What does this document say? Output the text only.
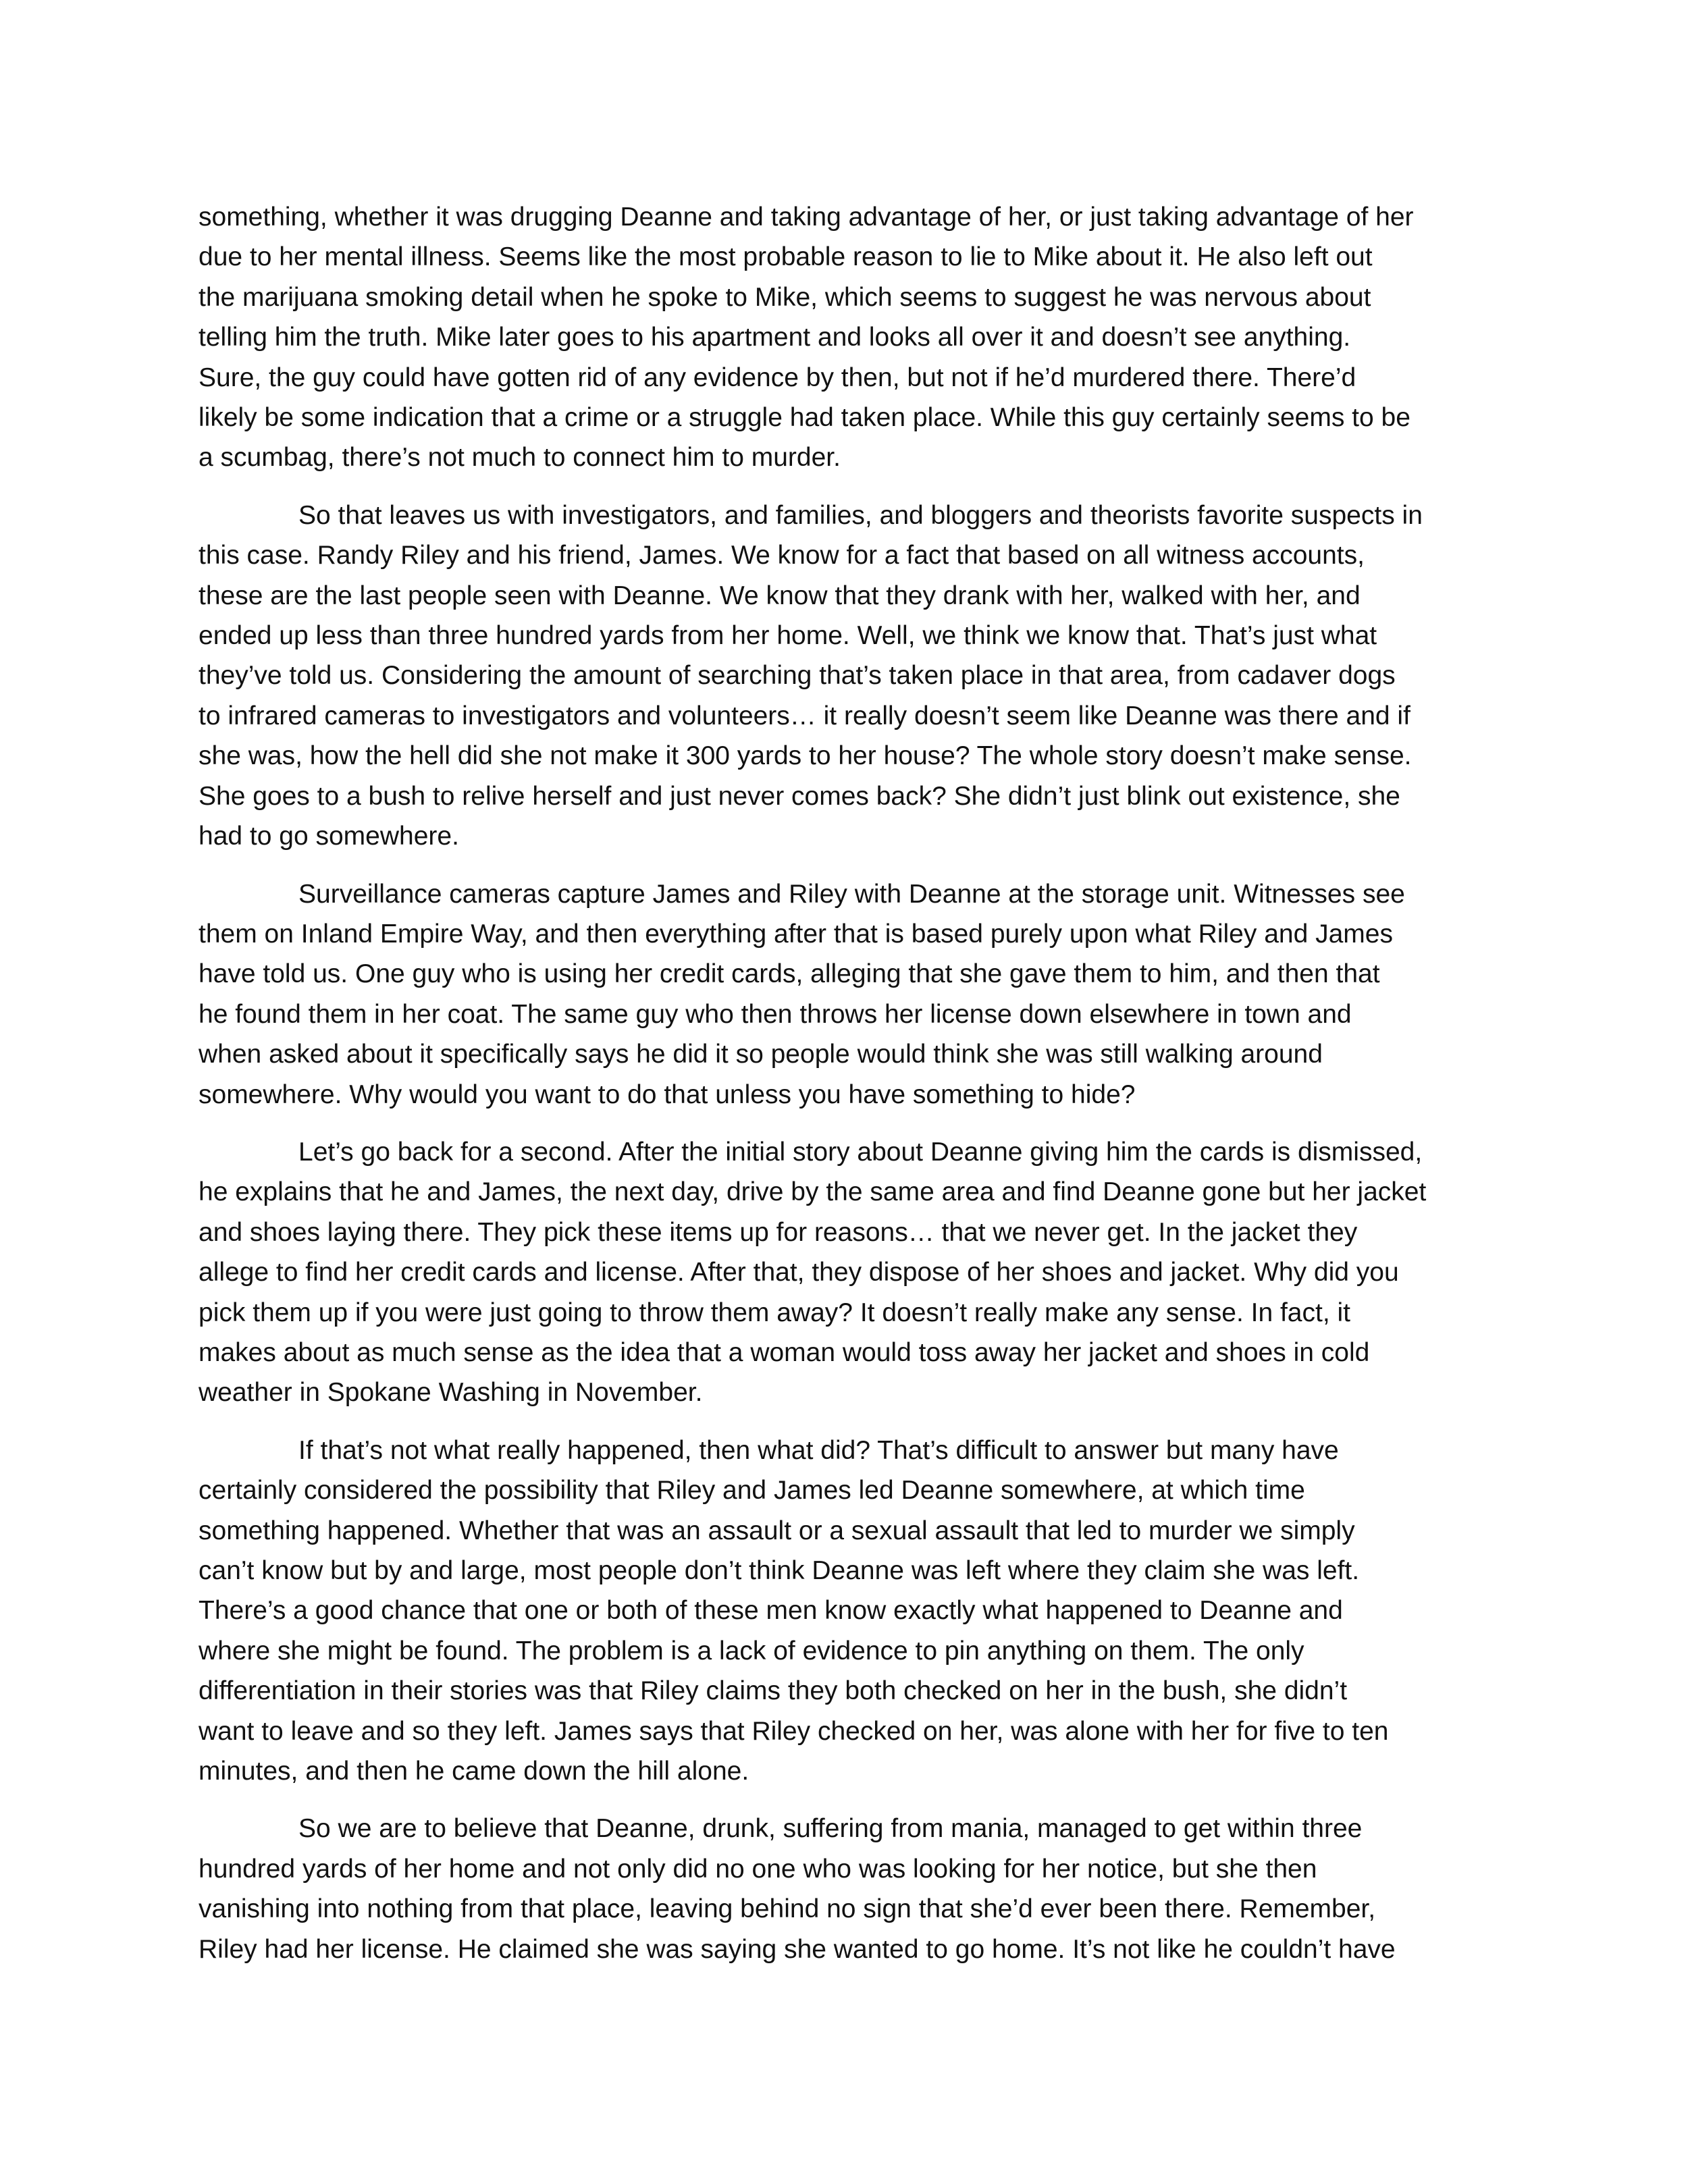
something, whether it was drugging Deanne and taking advantage of her, or just taking advantage of her
due to her mental illness. Seems like the most probable reason to lie to Mike about it. He also left out
the marijuana smoking detail when he spoke to Mike, which seems to suggest he was nervous about
telling him the truth. Mike later goes to his apartment and looks all over it and doesn’t see anything.
Sure, the guy could have gotten rid of any evidence by then, but not if he’d murdered there. There’d
likely be some indication that a crime or a struggle had taken place. While this guy certainly seems to be
a scumbag, there’s not much to connect him to murder.

So that leaves us with investigators, and families, and bloggers and theorists favorite suspects in
this case. Randy Riley and his friend, James. We know for a fact that based on all witness accounts,
these are the last people seen with Deanne. We know that they drank with her, walked with her, and
ended up less than three hundred yards from her home. Well, we think we know that. That’s just what
they’ve told us. Considering the amount of searching that’s taken place in that area, from cadaver dogs
to infrared cameras to investigators and volunteers… it really doesn’t seem like Deanne was there and if
she was, how the hell did she not make it 300 yards to her house? The whole story doesn’t make sense.
She goes to a bush to relive herself and just never comes back? She didn’t just blink out existence, she
had to go somewhere.

Surveillance cameras capture James and Riley with Deanne at the storage unit. Witnesses see
them on Inland Empire Way, and then everything after that is based purely upon what Riley and James
have told us. One guy who is using her credit cards, alleging that she gave them to him, and then that
he found them in her coat. The same guy who then throws her license down elsewhere in town and
when asked about it specifically says he did it so people would think she was still walking around
somewhere. Why would you want to do that unless you have something to hide?

Let’s go back for a second. After the initial story about Deanne giving him the cards is dismissed,
he explains that he and James, the next day, drive by the same area and find Deanne gone but her jacket
and shoes laying there. They pick these items up for reasons… that we never get. In the jacket they
allege to find her credit cards and license. After that, they dispose of her shoes and jacket. Why did you
pick them up if you were just going to throw them away? It doesn’t really make any sense. In fact, it
makes about as much sense as the idea that a woman would toss away her jacket and shoes in cold
weather in Spokane Washing in November.

If that’s not what really happened, then what did? That’s difficult to answer but many have
certainly considered the possibility that Riley and James led Deanne somewhere, at which time
something happened. Whether that was an assault or a sexual assault that led to murder we simply
can’t know but by and large, most people don’t think Deanne was left where they claim she was left.
There’s a good chance that one or both of these men know exactly what happened to Deanne and
where she might be found. The problem is a lack of evidence to pin anything on them. The only
differentiation in their stories was that Riley claims they both checked on her in the bush, she didn’t
want to leave and so they left. James says that Riley checked on her, was alone with her for five to ten
minutes, and then he came down the hill alone.

So we are to believe that Deanne, drunk, suffering from mania, managed to get within three
hundred yards of her home and not only did no one who was looking for her notice, but she then
vanishing into nothing from that place, leaving behind no sign that she’d ever been there. Remember,
Riley had her license. He claimed she was saying she wanted to go home. It’s not like he couldn’t have
